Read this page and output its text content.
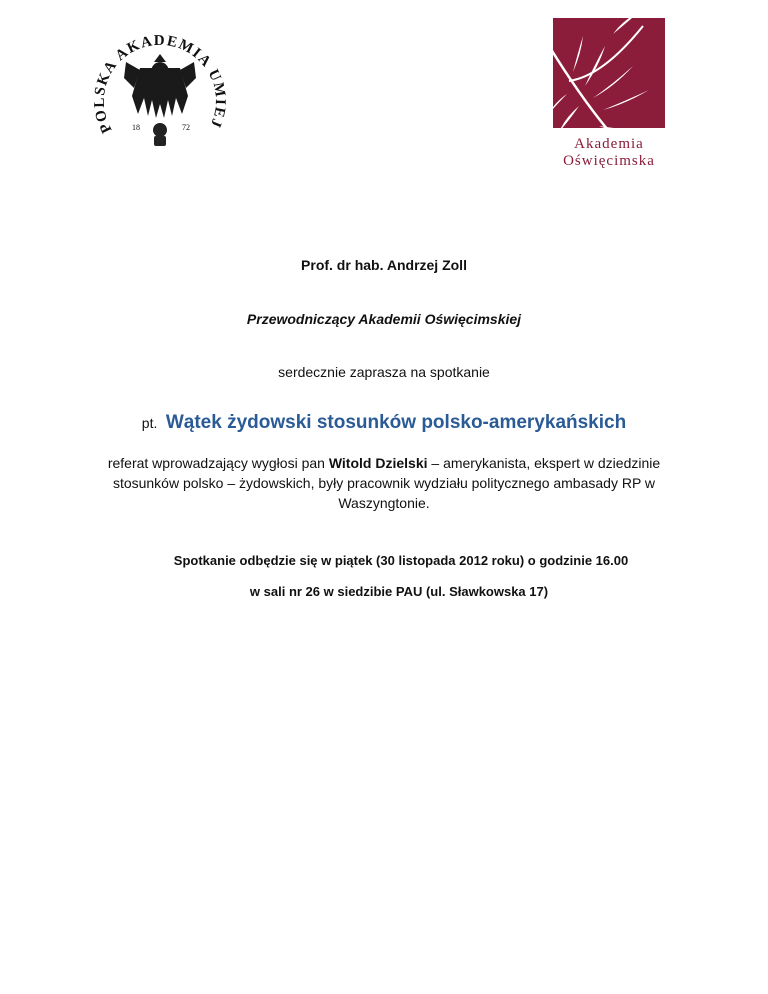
POLSKA AKADEMIA UMIEJ
18	72
Akademia
Oświęcimska
Prof. dr hab. Andrzej Zoll
Przewodniczący Akademii Oświęcimskiej
serdecznie zaprasza na spotkanie
pt. Wątek żydowski stosunków polsko-amerykańskich
referat wprowadzający wygłosi pan Witold Dzielski – amerykanista, ekspert w dziedzinie stosunków polsko – żydowskich, były pracownik wydziału politycznego ambasady RP w Waszyngtonie.
Spotkanie odbędzie się w piątek (30 listopada 2012 roku) o godzinie 16.00
w sali nr 26 w siedzibie PAU (ul. Sławkowska 17)
